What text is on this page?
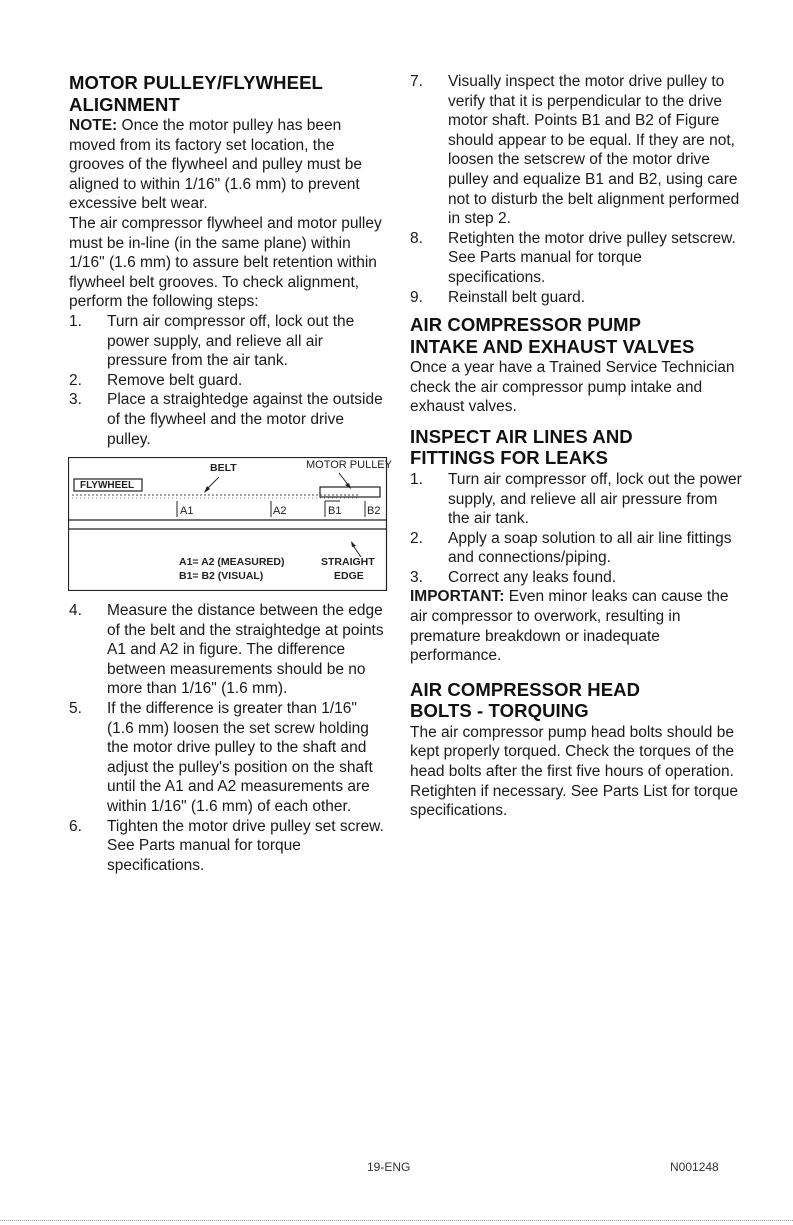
MOTOR PULLEY/FLYWHEEL
ALIGNMENT

NOTE: Once the motor pulley has been moved from its factory set location, the grooves of the flywheel and pulley must be aligned to within 1/16" (1.6 mm) to prevent excessive belt wear.

The air compressor flywheel and motor pulley must be in-line (in the same plane) within 1/16" (1.6 mm) to assure belt retention within flywheel belt grooves. To check alignment, perform the following steps:

1. Turn air compressor off, lock out the power supply, and relieve all air pressure from the air tank.
2. Remove belt guard.
3. Place a straightedge against the outside of the flywheel and the motor drive pulley.
BELT	MOTOR PULLEY
FLYWHEEL
A1	A2	B1 B2
A1= A2 (MEASURED)
B1= B2 (VISUAL)
STRAIGHT
EDGE
4. Measure the distance between the edge of the belt and the straightedge at points A1 and A2 in figure. The difference between measurements should be no more than 1/16" (1.6 mm).
5. If the difference is greater than 1/16" (1.6 mm) loosen the set screw holding the motor drive pulley to the shaft and adjust the pulley's position on the shaft until the A1 and A2 measurements are within 1/16" (1.6 mm) of each other.
6. Tighten the motor drive pulley set screw. See Parts manual for torque specifications.
7. Visually inspect the motor drive pulley to verify that it is perpendicular to the drive motor shaft. Points B1 and B2 of Figure should appear to be equal. If they are not, loosen the setscrew of the motor drive pulley and equalize B1 and B2, using care not to disturb the belt alignment performed in step 2.
8. Retighten the motor drive pulley setscrew. See Parts manual for torque specifications.
9. Reinstall belt guard.
AIR COMPRESSOR PUMP
INTAKE AND EXHAUST VALVES

Once a year have a Trained Service Technician check the air compressor pump intake and exhaust valves.

INSPECT AIR LINES AND
FITTINGS FOR LEAKS
1. Turn air compressor off, lock out the power supply, and relieve all air pressure from the air tank.
2. Apply a soap solution to all air line fittings and connections/piping.
3. Correct any leaks found.

IMPORTANT: Even minor leaks can cause the air compressor to overwork, resulting in premature breakdown or inadequate performance.

AIR COMPRESSOR HEAD
BOLTS - TORQUING

The air compressor pump head bolts should be kept properly torqued. Check the torques of the head bolts after the first five hours of operation. Retighten if necessary. See Parts List for torque specifications.

19-ENG	N001248
